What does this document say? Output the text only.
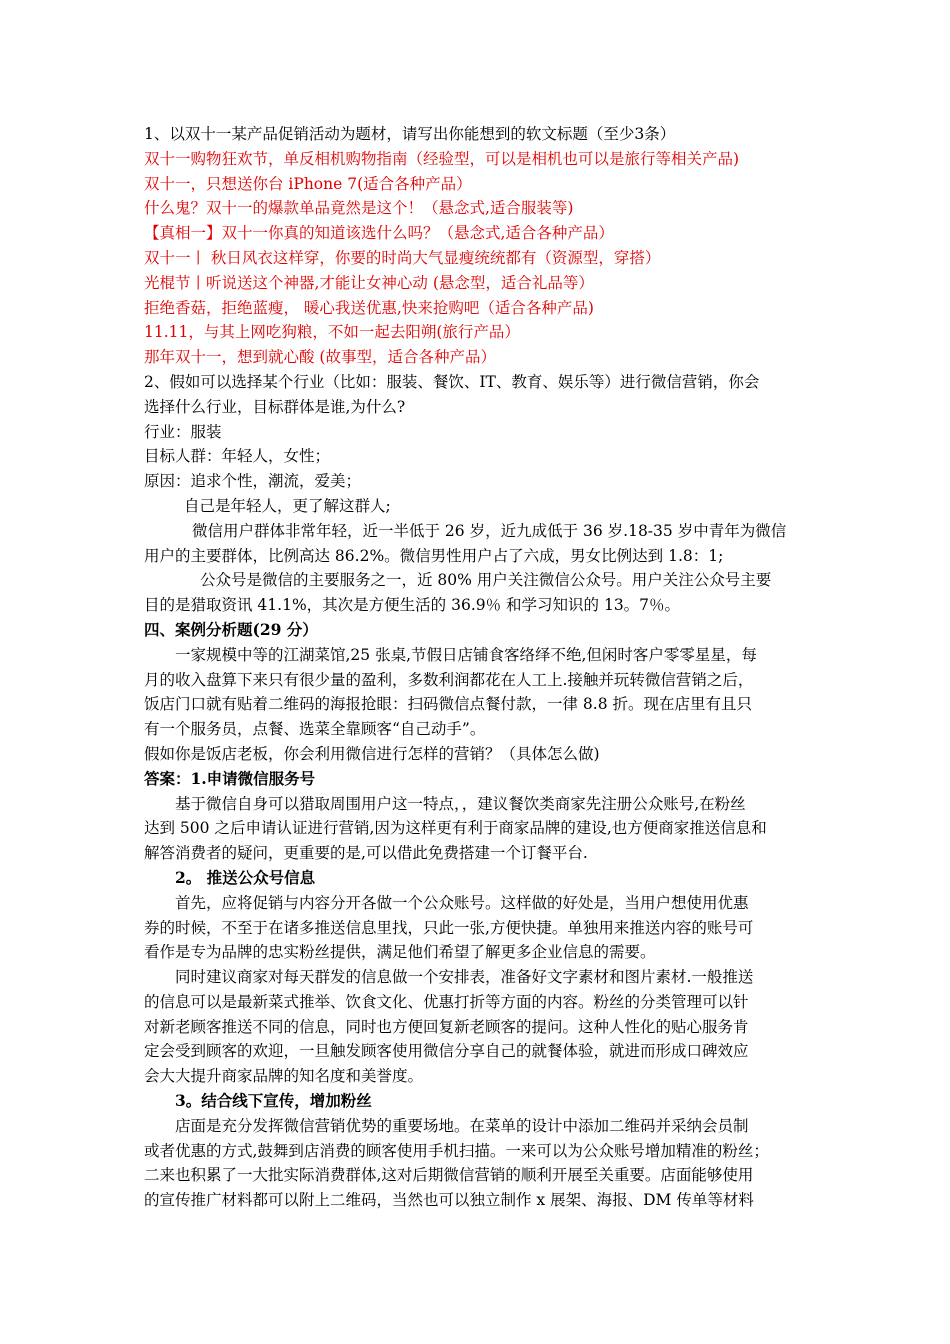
1、以双十一某产品促销活动为题材，请写出你能想到的软文标题（至少3条）
双十一购物狂欢节，单反相机购物指南（经验型，可以是相机也可以是旅行等相关产品)
双十一，只想送你台 iPhone 7(适合各种产品）
什么鬼？双十一的爆款单品竟然是这个！（悬念式,适合服装等)
【真相一】双十一你真的知道该选什么吗？（悬念式,适合各种产品）
双十一丨 秋日风衣这样穿，你要的时尚大气显瘦统统都有（资源型，穿搭）
光棍节丨听说送这个神器,才能让女神心动 (悬念型，适合礼品等）
拒绝香菇，拒绝蓝瘦， 暖心我送优惠,快来抢购吧（适合各种产品)
11.11，与其上网吃狗粮，不如一起去阳朔(旅行产品）
那年双十一，想到就心酸 (故事型，适合各种产品）
2、假如可以选择某个行业（比如：服装、餐饮、IT、教育、娱乐等）进行微信营销，你会
选择什么行业，目标群体是谁,为什么?
行业：服装
目标人群：年轻人，女性；
原因：追求个性，潮流，爱美；
自己是年轻人，更了解这群人;
微信用户群体非常年轻，近一半低于 26 岁，近九成低于 36 岁.18-35 岁中青年为微信
用户的主要群体，比例高达 86.2%。微信男性用户占了六成，男女比例达到 1.8：1;
公众号是微信的主要服务之一，近 80% 用户关注微信公众号。用户关注公众号主要
目的是猎取资讯 41.1%，其次是方便生活的 36.9％ 和学习知识的 13。7％。
四、案例分析题(29 分）
一家规模中等的江湖菜馆,25 张桌,节假日店铺食客络绎不绝,但闲时客户零零星星，每
月的收入盘算下来只有很少量的盈利，多数利润都花在人工上.接触并玩转微信营销之后，
饭店门口就有贴着二维码的海报抢眼：扫码微信点餐付款，一律 8.8 折。现在店里有且只
有一个服务员，点餐、选菜全靠顾客“自己动手”。
假如你是饭店老板，你会利用微信进行怎样的营销？（具体怎么做)
答案：1.申请微信服务号
基于微信自身可以猎取周围用户这一特点，，建议餐饮类商家先注册公众账号,在粉丝
达到 500 之后申请认证进行营销,因为这样更有利于商家品牌的建设,也方便商家推送信息和
解答消费者的疑问，更重要的是,可以借此免费搭建一个订餐平台.
2。 推送公众号信息
首先，应将促销与内容分开各做一个公众账号。这样做的好处是，当用户想使用优惠
券的时候，不至于在诸多推送信息里找，只此一张,方便快捷。单独用来推送内容的账号可
看作是专为品牌的忠实粉丝提供，满足他们希望了解更多企业信息的需要。
同时建议商家对每天群发的信息做一个安排表，准备好文字素材和图片素材.一般推送
的信息可以是最新菜式推举、饮食文化、优惠打折等方面的内容。粉丝的分类管理可以针
对新老顾客推送不同的信息，同时也方便回复新老顾客的提问。这种人性化的贴心服务肯
定会受到顾客的欢迎，一旦触发顾客使用微信分享自己的就餐体验，就进而形成口碑效应
会大大提升商家品牌的知名度和美誉度。
3。结合线下宣传，增加粉丝
店面是充分发挥微信营销优势的重要场地。在菜单的设计中添加二维码并采纳会员制
或者优惠的方式,鼓舞到店消费的顾客使用手机扫描。一来可以为公众账号增加精准的粉丝；
二来也积累了一大批实际消费群体,这对后期微信营销的顺利开展至关重要。店面能够使用
的宣传推广材料都可以附上二维码，当然也可以独立制作 x 展架、海报、DM 传单等材料
